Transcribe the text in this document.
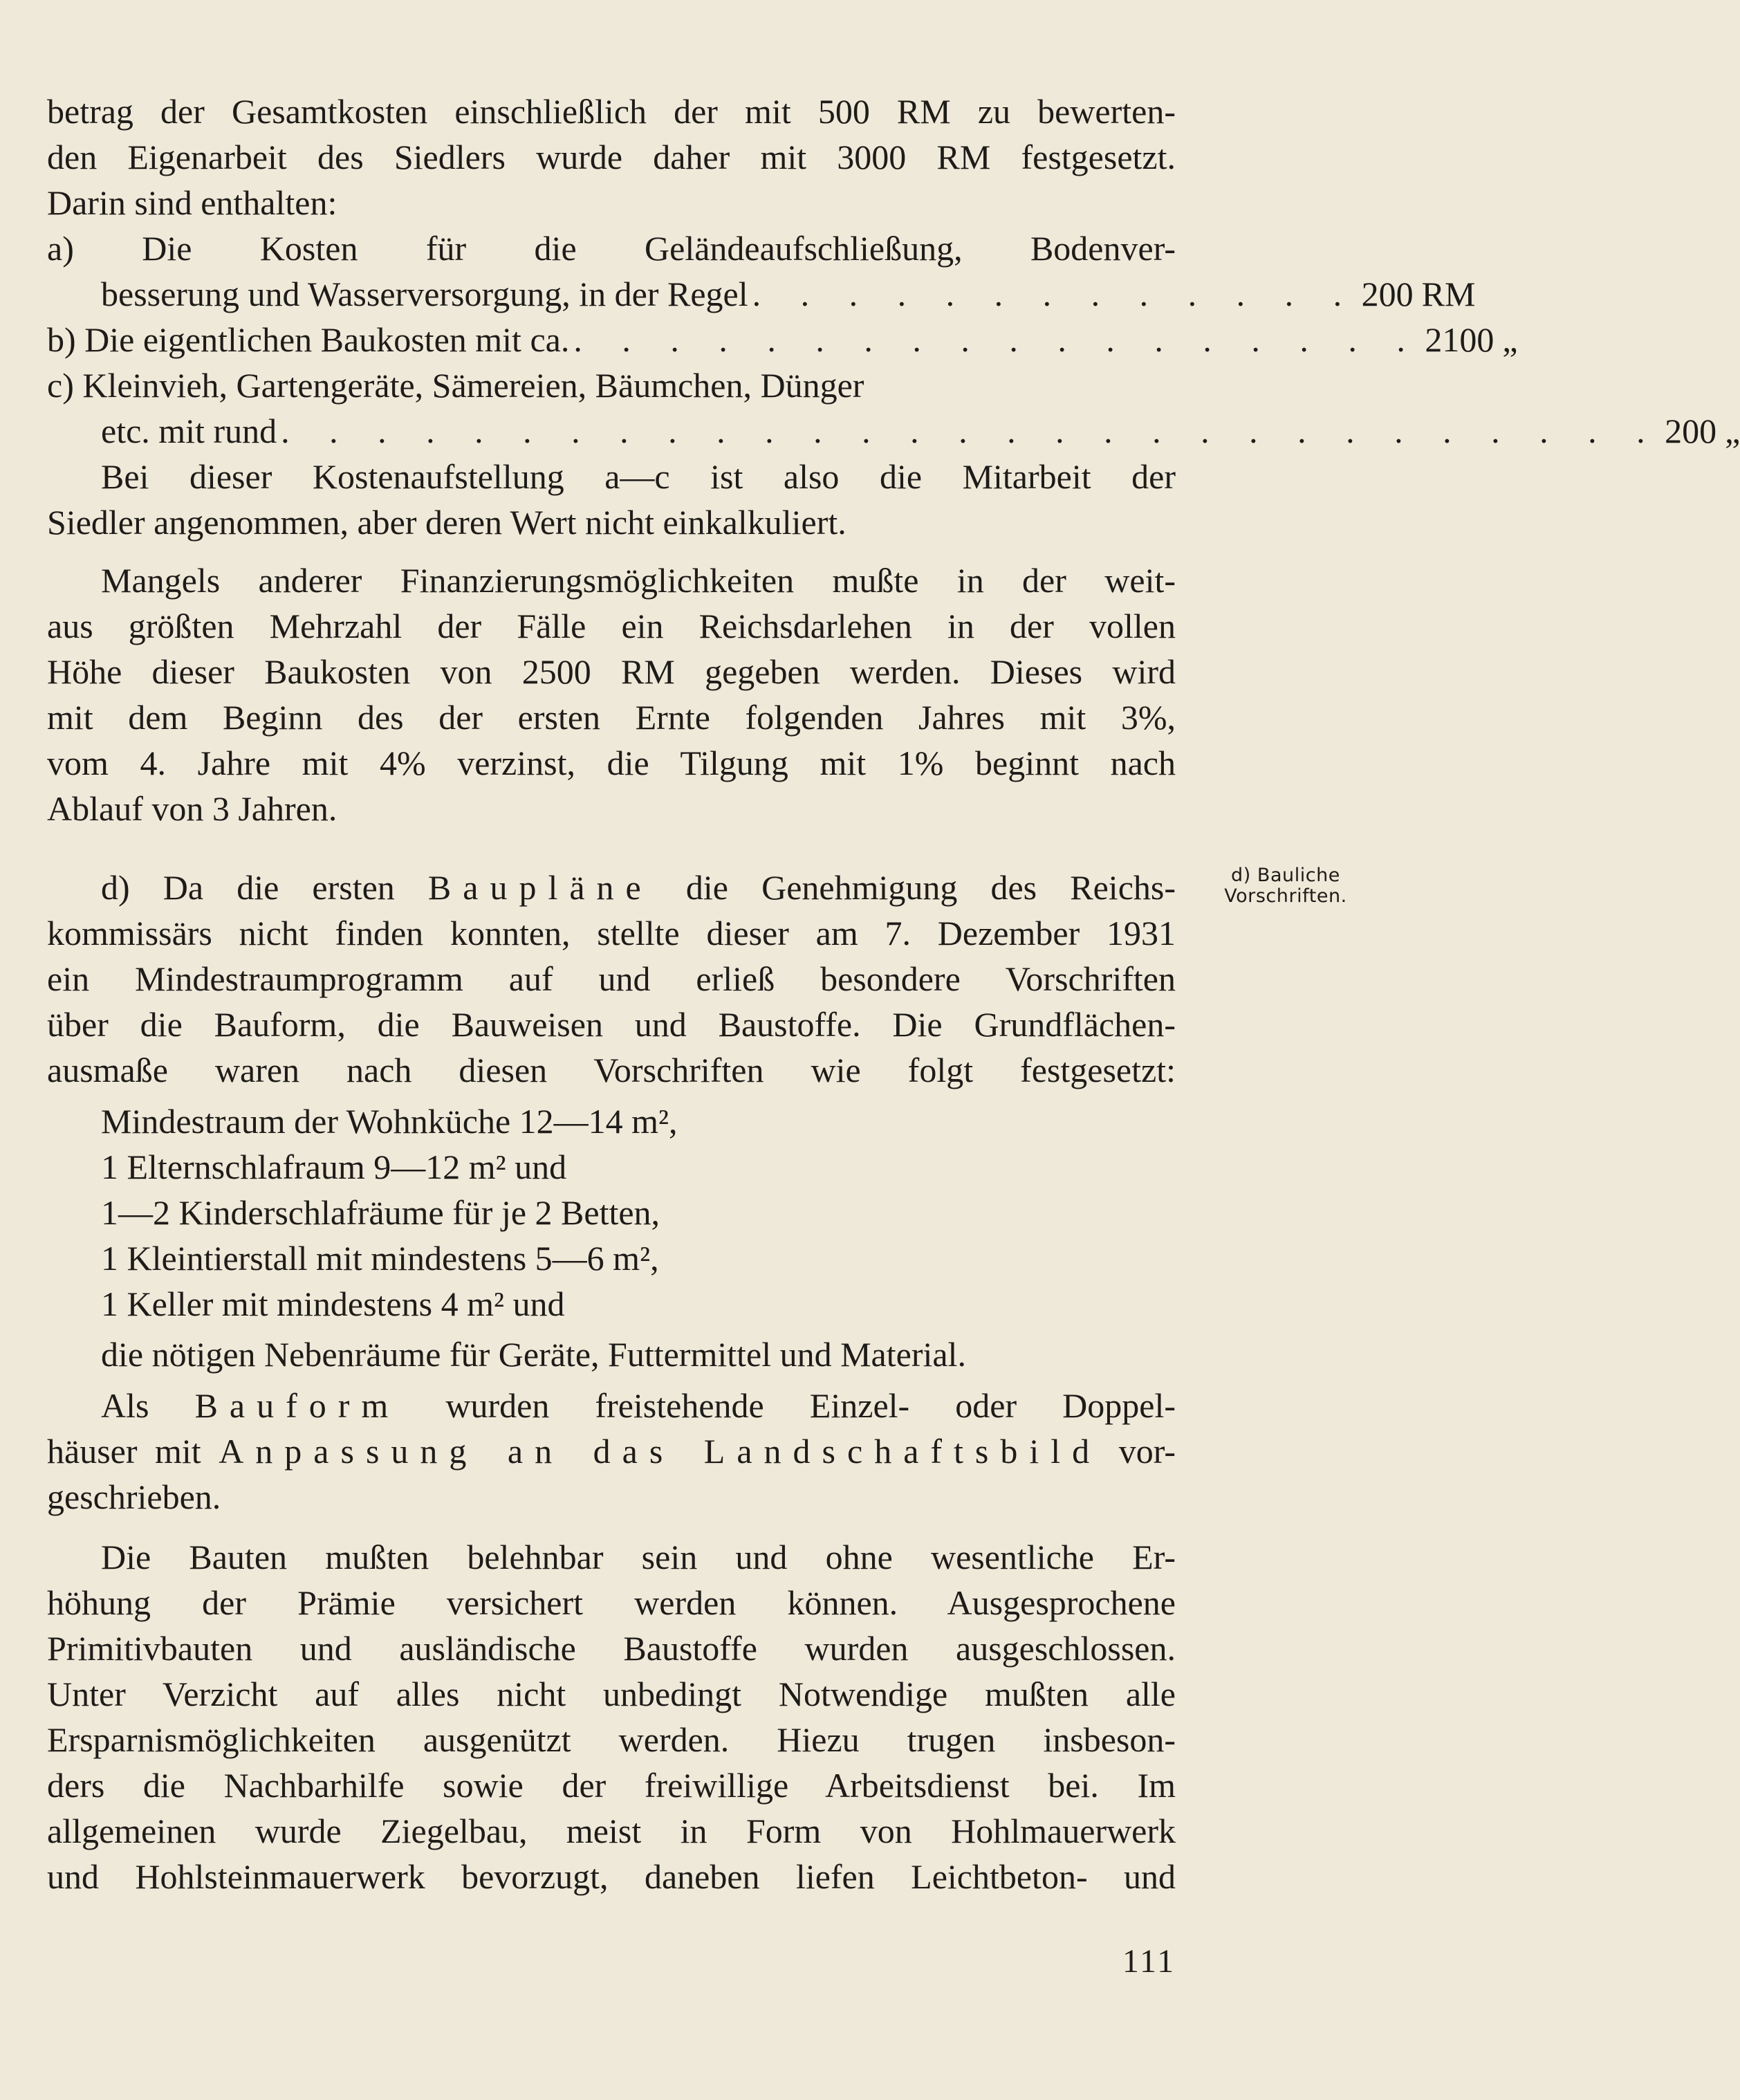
betrag der Gesamtkosten einschließlich der mit 500 RM zu bewerten-
den Eigenarbeit des Siedlers wurde daher mit 3000 RM festgesetzt.
Darin sind enthalten:
a) Die Kosten für die Geländeaufschließung, Bodenver-
besserung und Wasserversorgung, in der Regel . . . . . . . . . . . . . 200 RM
b) Die eigentlichen Baukosten mit ca. . . . . . . . . . . . . . . . . . . 2100 „
c) Kleinvieh, Gartengeräte, Sämereien, Bäumchen, Dünger
etc. mit rund . . . . . . . . . . . . . . . . . . . . . . . . . . . . . 200 „
Bei dieser Kostenaufstellung a—c ist also die Mitarbeit der
Siedler angenommen, aber deren Wert nicht einkalkuliert.
Mangels anderer Finanzierungsmöglichkeiten mußte in der weit-
aus größten Mehrzahl der Fälle ein Reichsdarlehen in der vollen
Höhe dieser Baukosten von 2500 RM gegeben werden. Dieses wird
mit dem Beginn des der ersten Ernte folgenden Jahres mit 3%,
vom 4. Jahre mit 4% verzinst, die Tilgung mit 1% beginnt nach
Ablauf von 3 Jahren.
d) Da die ersten Baupläne die Genehmigung des Reichs-
kommissärs nicht finden konnten, stellte dieser am 7. Dezember 1931
ein Mindestraumprogramm auf und erließ besondere Vorschriften
über die Bauform, die Bauweisen und Baustoffe. Die Grundflächen-
ausmaße waren nach diesen Vorschriften wie folgt festgesetzt:
Mindestraum der Wohnküche 12—14 m²,
1 Elternschlafraum 9—12 m² und
1—2 Kinderschlafräume für je 2 Betten,
1 Kleintierstall mit mindestens 5—6 m²,
1 Keller mit mindestens 4 m² und
die nötigen Nebenräume für Geräte, Futtermittel und Material.
Als Bauform wurden freistehende Einzel- oder Doppel-
häuser mit Anpassung an das Landschaftsbild vor-
geschrieben.
Die Bauten mußten belehnbar sein und ohne wesentliche Er-
höhung der Prämie versichert werden können. Ausgesprochene
Primitivbauten und ausländische Baustoffe wurden ausgeschlossen.
Unter Verzicht auf alles nicht unbedingt Notwendige mußten alle
Ersparnismöglichkeiten ausgenützt werden. Hiezu trugen insbeson-
ders die Nachbarhilfe sowie der freiwillige Arbeitsdienst bei. Im
allgemeinen wurde Ziegelbau, meist in Form von Hohlmauerwerk
und Hohlsteinmauerwerk bevorzugt, daneben liefen Leichtbeton- und
d) Bauliche
Vorschriften.
111
